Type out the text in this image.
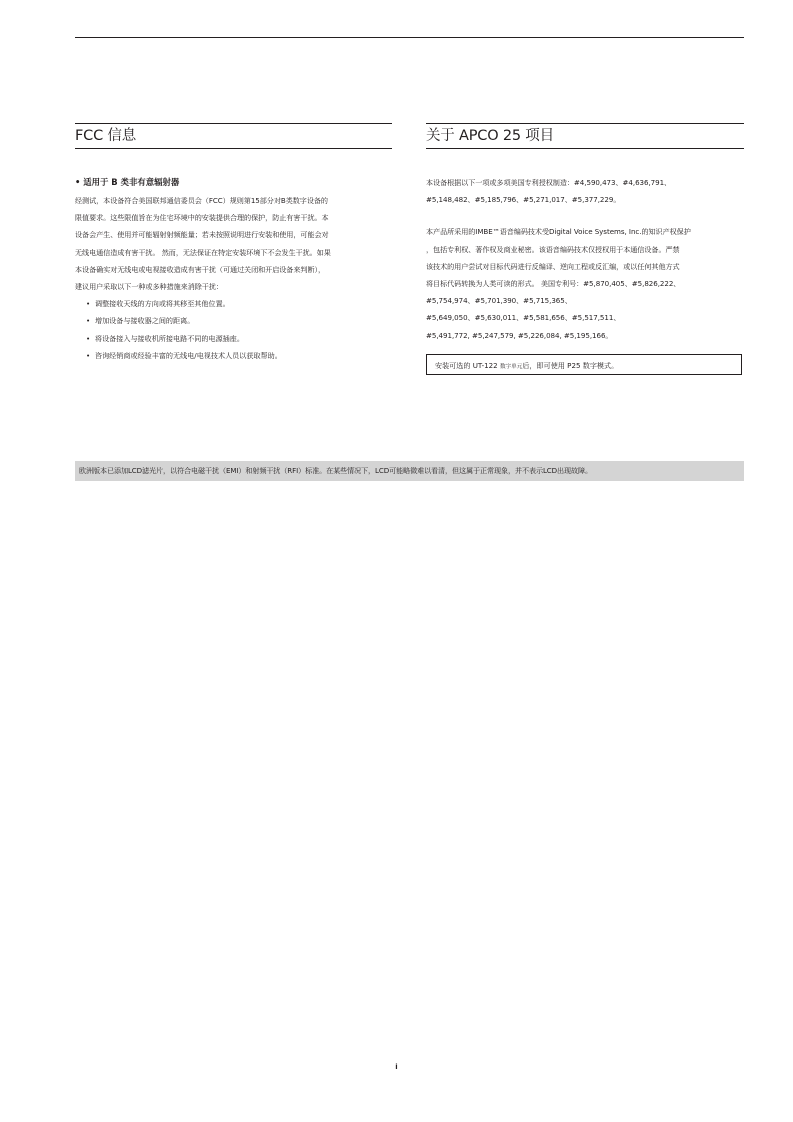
FCC 信息
• 适用于 B 类非有意辐射器
经测试，本设备符合美国联邦通信委员会（FCC）规则第15部分对B类数字设备的
限值要求。这些限值旨在为住宅环境中的安装提供合理的保护，防止有害干扰。本
设备会产生、使用并可能辐射射频能量；若未按照说明进行安装和使用，可能会对
无线电通信造成有害干扰。 然而，无法保证在特定安装环境下不会发生干扰。如果
本设备确实对无线电或电视接收造成有害干扰（可通过关闭和开启设备来判断），
建议用户采取以下一种或多种措施来消除干扰：
• 调整接收天线的方向或将其移至其他位置。
• 增加设备与接收器之间的距离。
• 将设备接入与接收机所接电路不同的电源插座。
• 咨询经销商或经验丰富的无线电/电视技术人员以获取帮助。
关于 APCO 25 项目
本设备根据以下一项或多项美国专利授权制造：#4,590,473、#4,636,791、
#5,148,482、#5,185,796、#5,271,017、#5,377,229。
本产品所采用的IMBE™语音编码技术受Digital Voice Systems, Inc.的知识产权保护
，包括专利权、著作权及商业秘密。该语音编码技术仅授权用于本通信设备。严禁
该技术的用户尝试对目标代码进行反编译、逆向工程或反汇编，或以任何其他方式
将目标代码转换为人类可读的形式。 美国专利号：#5,870,405、#5,826,222、
#5,754,974、#5,701,390、#5,715,365、
#5,649,050、#5,630,011、#5,581,656、#5,517,511、
#5,491,772, #5,247,579, #5,226,084, #5,195,166。
安装可选的 UT-122 数字单元后，即可使用 P25 数字模式。
欧洲版本已添加LCD滤光片，以符合电磁干扰（EMI）和射频干扰（RFI）标准。在某些情况下，LCD可能略微难以看清，但这属于正常现象，并不表示LCD出现故障。
i
